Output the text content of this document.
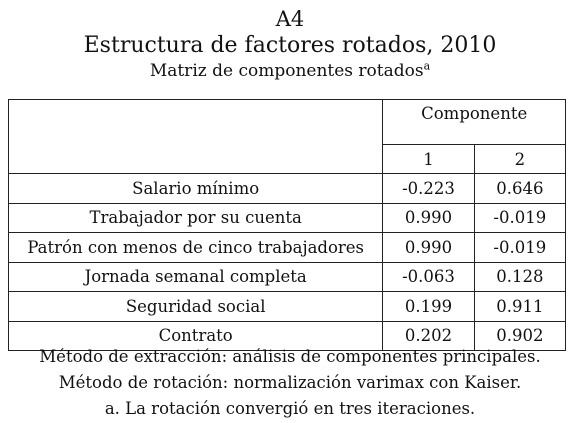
A4
Estructura de factores rotados, 2010
Matriz de componentes rotados$^a$
	Componente	
	1	2
Salario mínimo	-0.223	0.646
Trabajador por su cuenta	0.990	-0.019
Patrón con menos de cinco trabajadores	0.990	-0.019
Jornada semanal completa	-0.063	0.128
Seguridad social	0.199	0.911
Contrato	0.202	0.902
Método de extracción: análisis de componentes principales.
Método de rotación: normalización varimax con Kaiser.
a. La rotación convergió en tres iteraciones.
